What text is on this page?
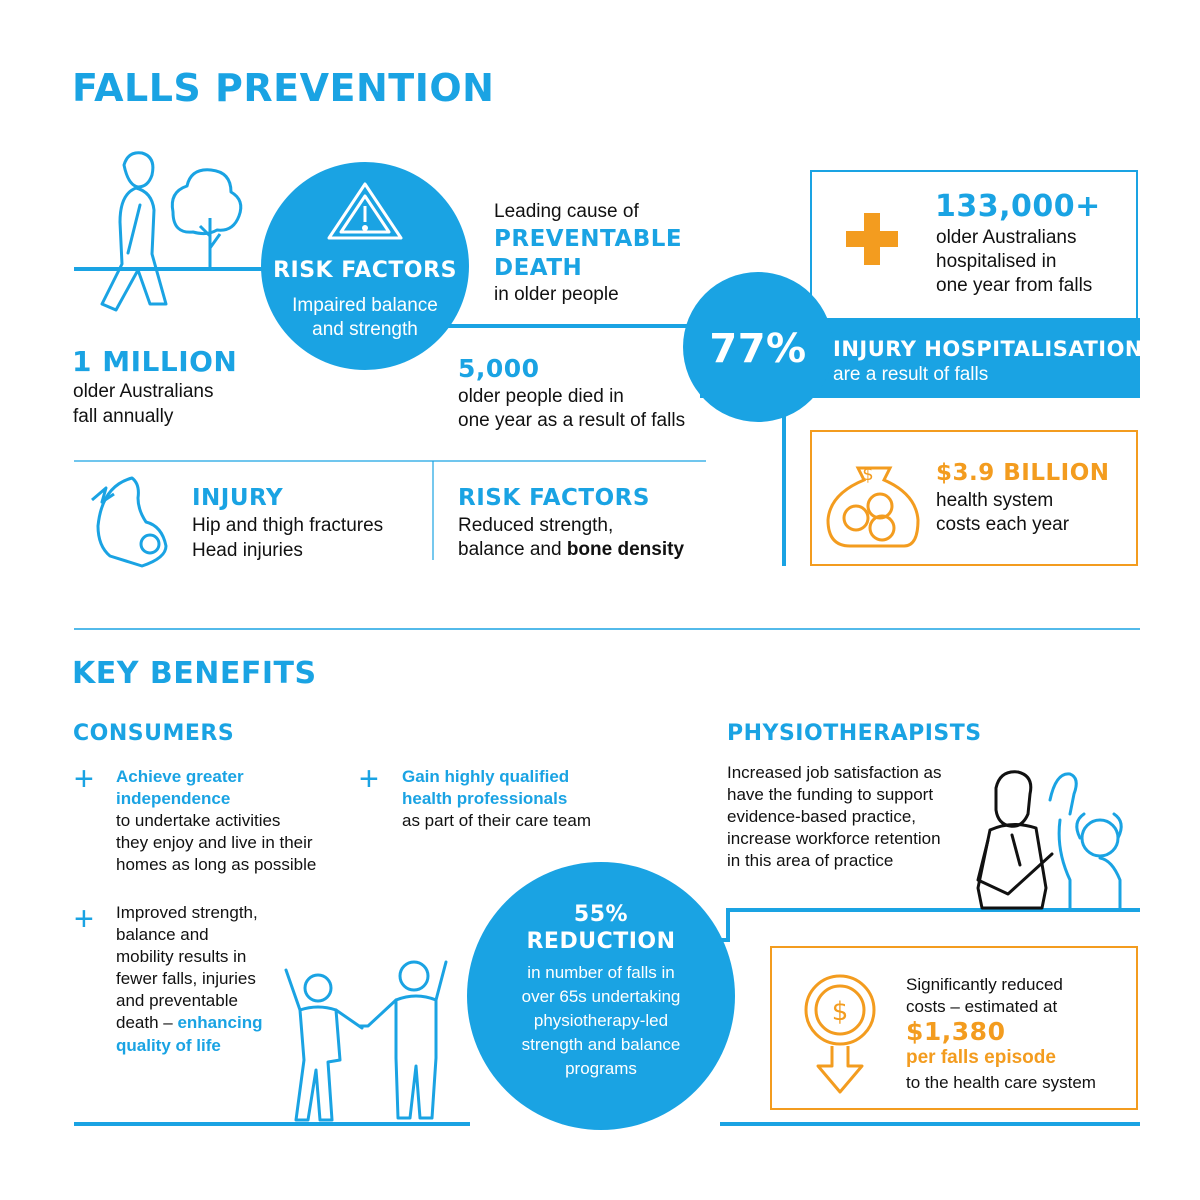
FALLS PREVENTION
$
1 MILLION
older Australians
fall annually
RISK FACTORS
Impaired balance
and strength
Leading cause of
PREVENTABLE
DEATH
in older people
5,000
older people died in
one year as a result of falls
133,000+
older Australians
hospitalised in
one year from falls
77%	INJURY HOSPITALISATIONS
are a result of falls
$3.9 BILLION
health system
costs each year
INJURY
Hip and thigh fractures
Head injuries
RISK FACTORS
Reduced strength,
balance and bone density
KEY BENEFITS
CONSUMERS
+	+
+
Achieve greater
independence
to undertake activities
they enjoy and live in their
homes as long as possible
Gain highly qualified
health professionals
as part of their care team
Improved strength,
balance and
mobility results in
fewer falls, injuries
and preventable
death – enhancing
quality of life
55%
REDUCTION
in number of falls in
over 65s undertaking
physiotherapy-led
strength and balance
programs
PHYSIOTHERAPISTS
Increased job satisfaction as
have the funding to support
evidence-based practice,
increase workforce retention
in this area of practice
$
Significantly reduced
costs – estimated at
$1,380
per falls episode
to the health care system
